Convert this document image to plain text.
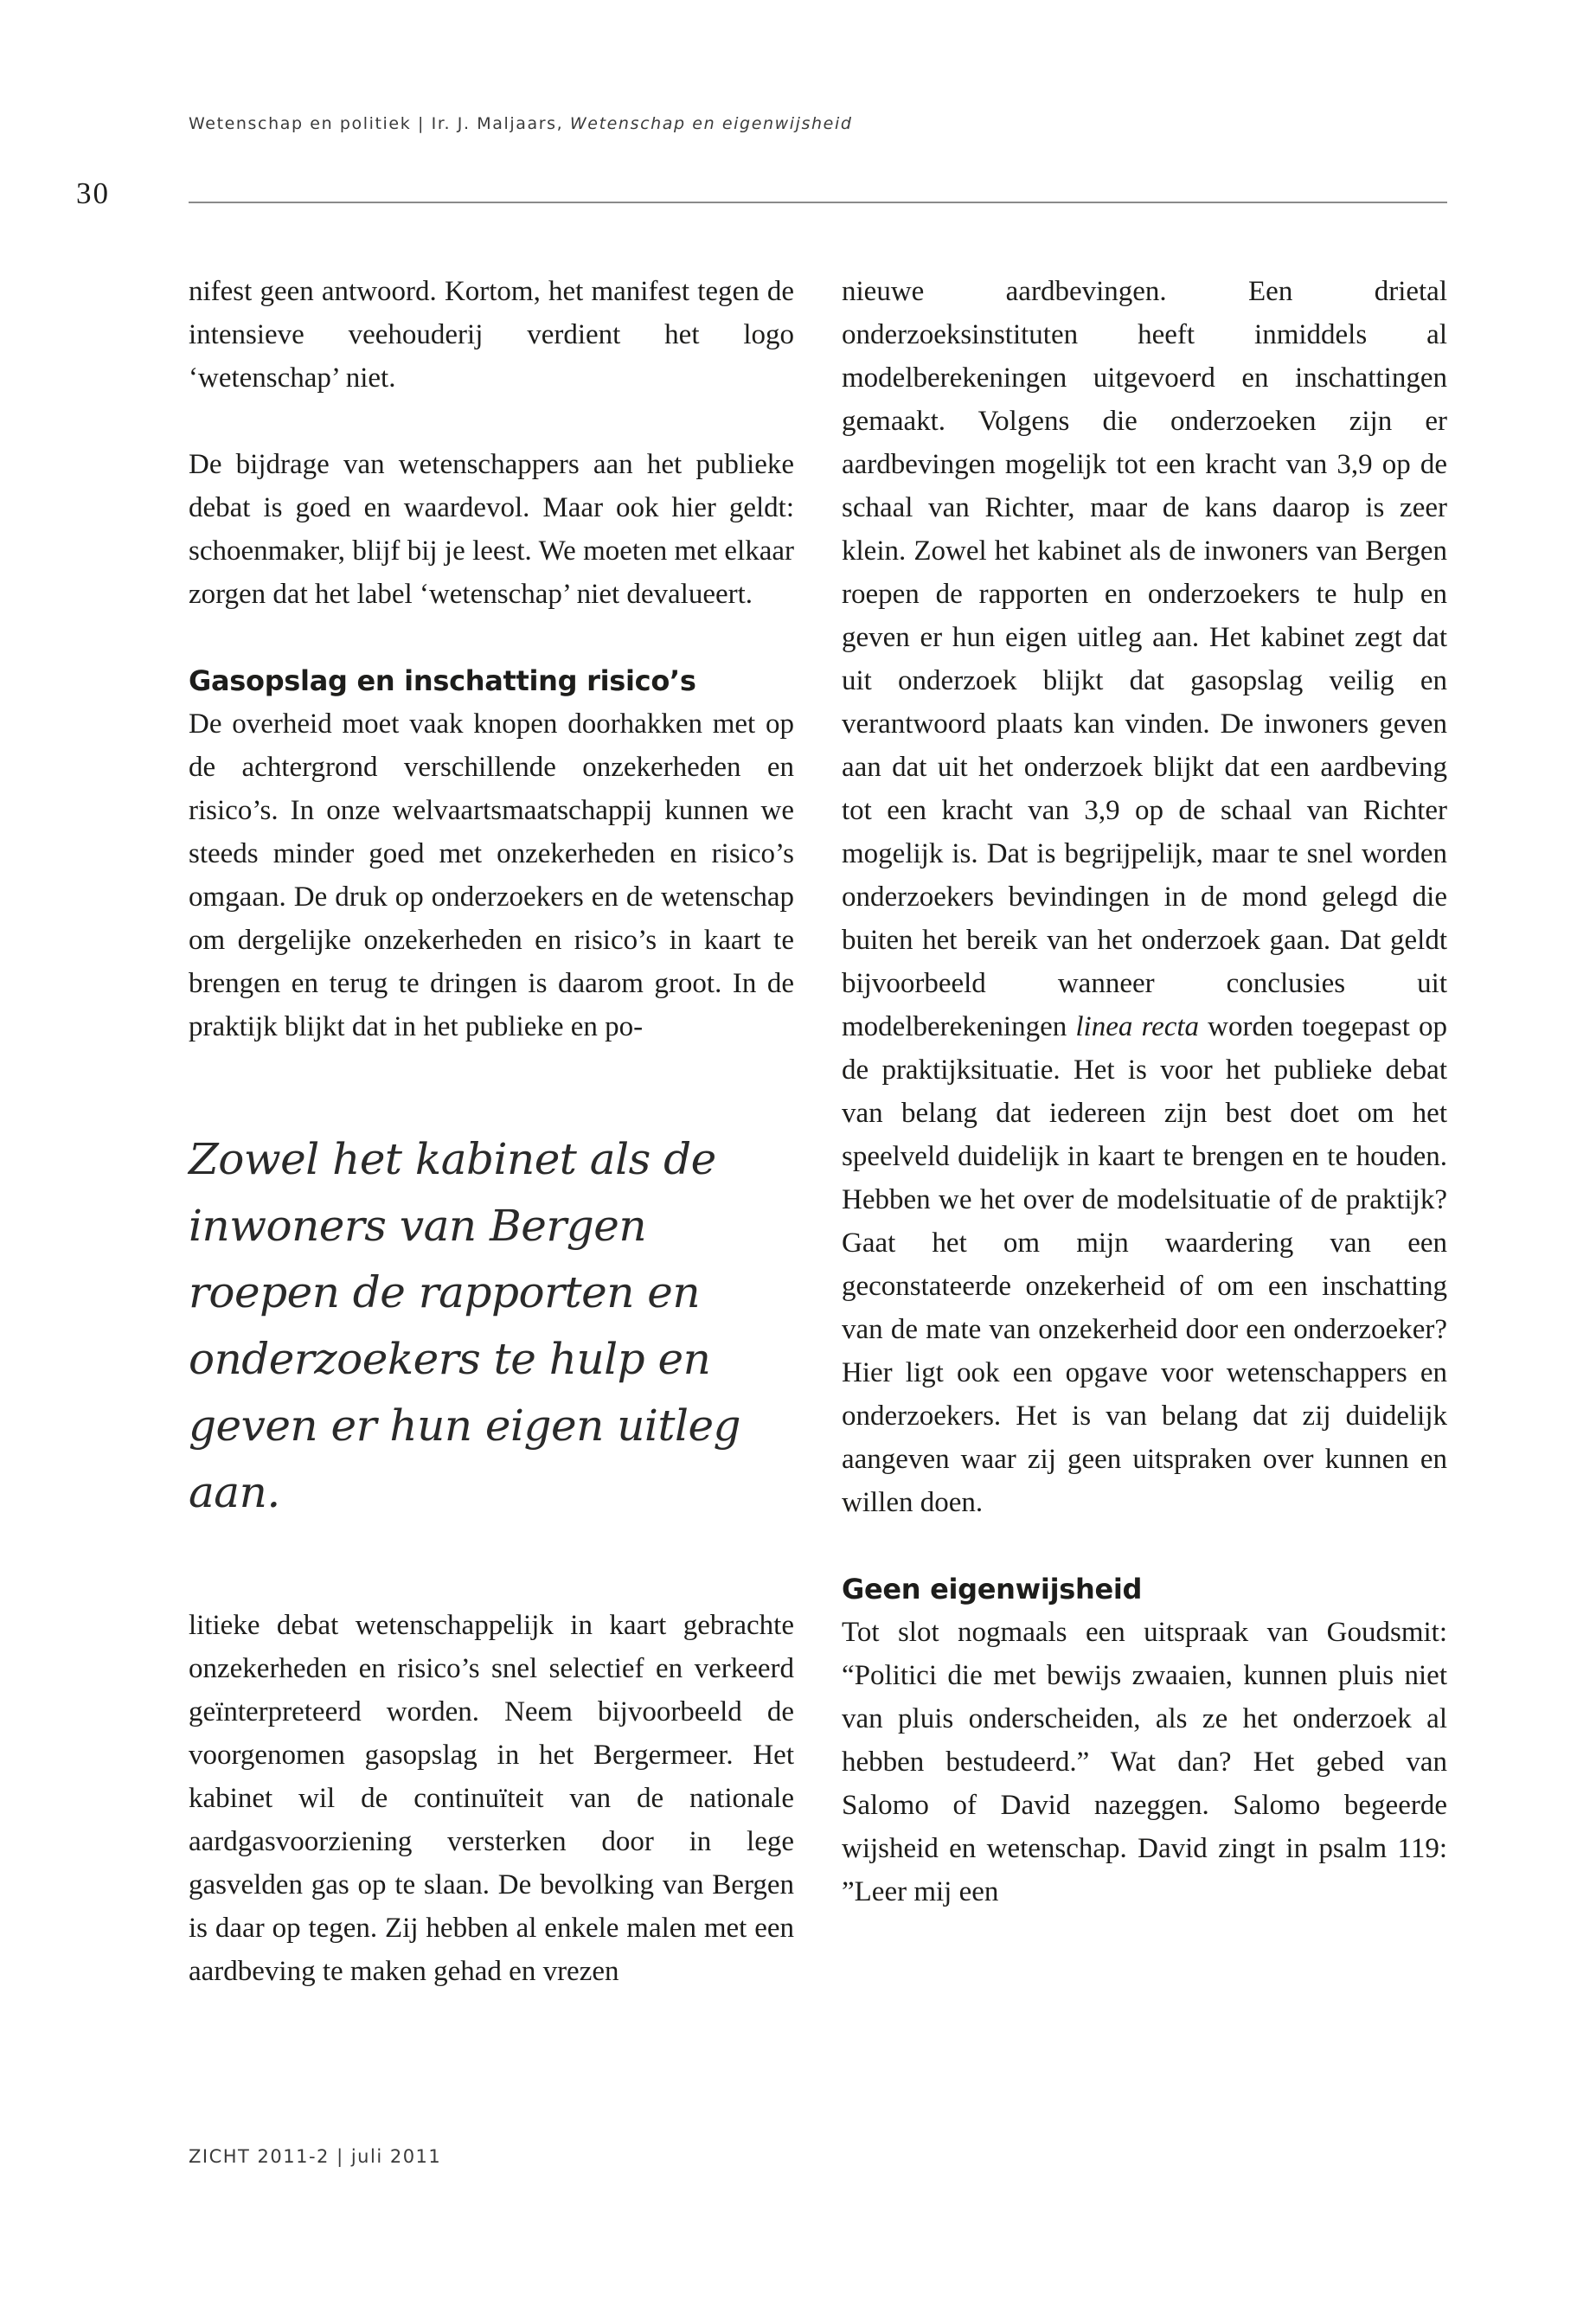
Wetenschap en politiek | Ir. J. Maljaars, Wetenschap en eigenwijsheid
30

nifest geen antwoord. Kortom, het manifest tegen de intensieve veehouderij verdient het logo ‘wetenschap’ niet.

De bijdrage van wetenschappers aan het publieke debat is goed en waardevol. Maar ook hier geldt: schoenmaker, blijf bij je leest. We moeten met elkaar zorgen dat het label ‘wetenschap’ niet devalueert.

Gasopslag en inschatting risico’s

De overheid moet vaak knopen doorhakken met op de achtergrond verschillende onzekerheden en risico’s. In onze welvaartsmaatschappij kunnen we steeds minder goed met onzekerheden en risico’s omgaan. De druk op onderzoekers en de wetenschap om dergelijke onzekerheden en risico’s in kaart te brengen en terug te dringen is daarom groot. In de praktijk blijkt dat in het publieke en po-

Zowel het kabinet als de inwoners van Bergen roepen de rapporten en onderzoekers te hulp en geven er hun eigen uitleg aan.

litieke debat wetenschappelijk in kaart gebrachte onzekerheden en risico’s snel selectief en verkeerd geïnterpreteerd worden. Neem bijvoorbeeld de voorgenomen gasopslag in het Bergermeer. Het kabinet wil de continuïteit van de nationale aardgasvoorziening versterken door in lege gasvelden gas op te slaan. De bevolking van Bergen is daar op tegen. Zij hebben al enkele malen met een aardbeving te maken gehad en vrezen

nieuwe aardbevingen. Een drietal onderzoeksinstituten heeft inmiddels al modelberekeningen uitgevoerd en inschattingen gemaakt. Volgens die onderzoeken zijn er aardbevingen mogelijk tot een kracht van 3,9 op de schaal van Richter, maar de kans daarop is zeer klein. Zowel het kabinet als de inwoners van Bergen roepen de rapporten en onderzoekers te hulp en geven er hun eigen uitleg aan. Het kabinet zegt dat uit onderzoek blijkt dat gasopslag veilig en verantwoord plaats kan vinden. De inwoners geven aan dat uit het onderzoek blijkt dat een aardbeving tot een kracht van 3,9 op de schaal van Richter mogelijk is. Dat is begrijpelijk, maar te snel worden onderzoekers bevindingen in de mond gelegd die buiten het bereik van het onderzoek gaan. Dat geldt bijvoorbeeld wanneer conclusies uit modelberekeningen linea recta worden toegepast op de praktijksituatie. Het is voor het publieke debat van belang dat iedereen zijn best doet om het speelveld duidelijk in kaart te brengen en te houden. Hebben we het over de modelsituatie of de praktijk? Gaat het om mijn waardering van een geconstateerde onzekerheid of om een inschatting van de mate van onzekerheid door een onderzoeker? Hier ligt ook een opgave voor wetenschappers en onderzoekers. Het is van belang dat zij duidelijk aangeven waar zij geen uitspraken over kunnen en willen doen.

Geen eigenwijsheid

Tot slot nogmaals een uitspraak van Goudsmit: “Politici die met bewijs zwaaien, kunnen pluis niet van pluis onderscheiden, als ze het onderzoek al hebben bestudeerd.” Wat dan? Het gebed van Salomo of David nazeggen. Salomo begeerde wijsheid en wetenschap. David zingt in psalm 119: ”Leer mij een

ZICHT 2011-2 | juli 2011
